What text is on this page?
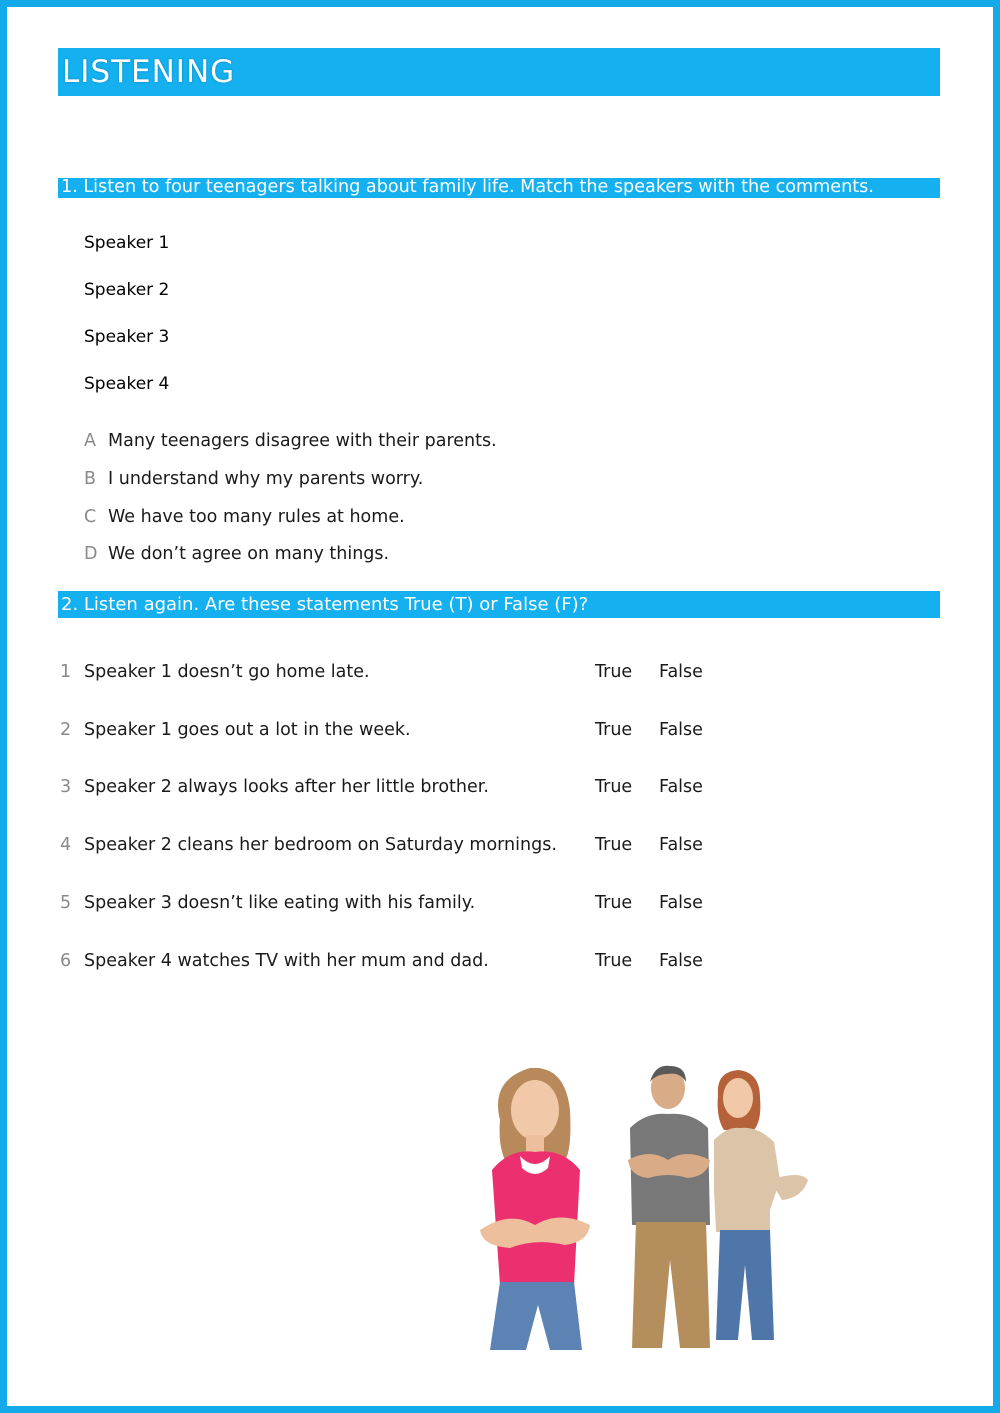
LISTENING
1. Listen to four teenagers talking about family life. Match the speakers with the comments.
Speaker 1
Speaker 2
Speaker 3
Speaker 4
A Many teenagers disagree with their parents.
B I understand why my parents worry.
C We have too many rules at home.
D We don’t agree on many things.
2. Listen again. Are these statements True (T) or False (F)?
1 Speaker 1 doesn’t go home late.	True False
2 Speaker 1 goes out a lot in the week.	True False
3 Speaker 2 always looks after her little brother.	True False
4 Speaker 2 cleans her bedroom on Saturday mornings. True False
5 Speaker 3 doesn’t like eating with his family.	True False
6 Speaker 4 watches TV with her mum and dad.	True False
